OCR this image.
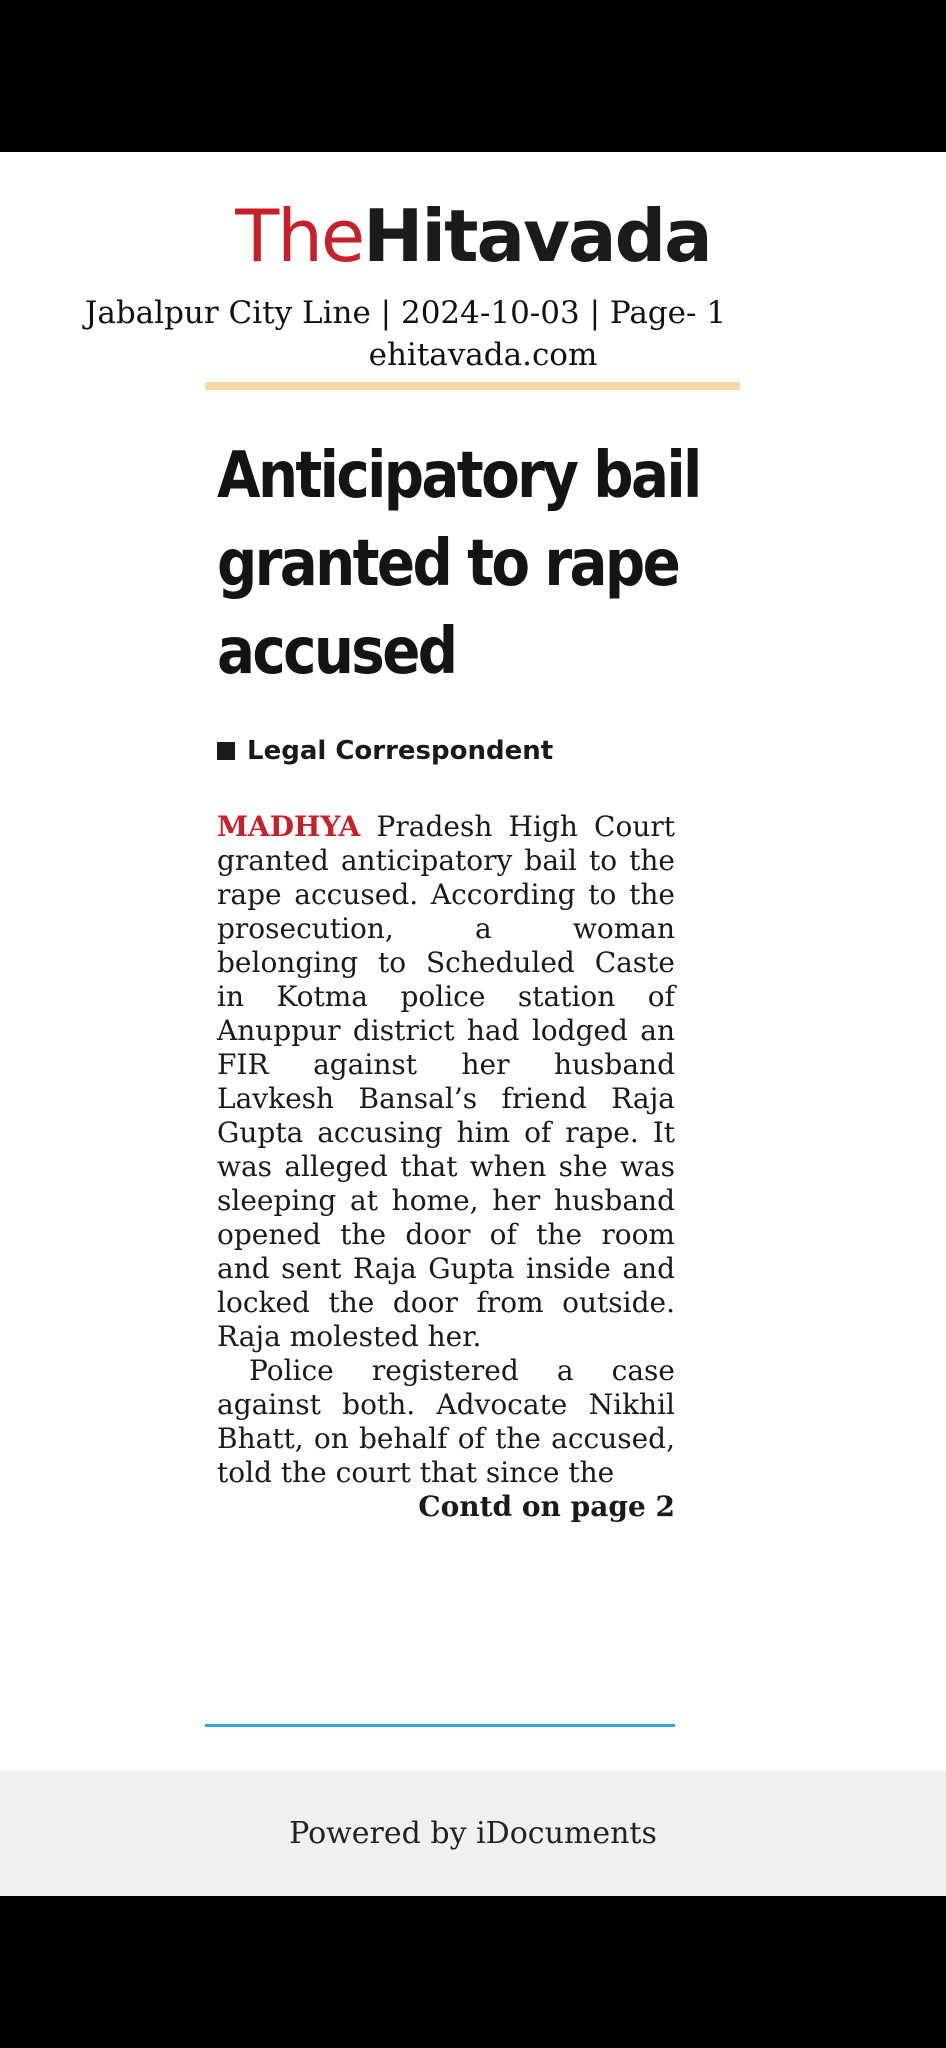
TheHitavada
Jabalpur City Line | 2024-10-03 | Page- 1
ehitavada.com
Anticipatory bail granted to rape accused
Legal Correspondent

MADHYA Pradesh High Court granted anticipatory bail to the rape accused. According to the prosecution, a woman belonging to Scheduled Caste in Kotma police station of Anuppur district had lodged an FIR against her husband Lavkesh Bansal’s friend Raja Gupta accusing him of rape. It was alleged that when she was sleeping at home, her husband opened the door of the room and sent Raja Gupta inside and locked the door from outside. Raja molested her.

Police registered a case against both. Advocate Nikhil Bhatt, on behalf of the accused, told the court that since the

Contd on page 2

Powered by iDocuments
